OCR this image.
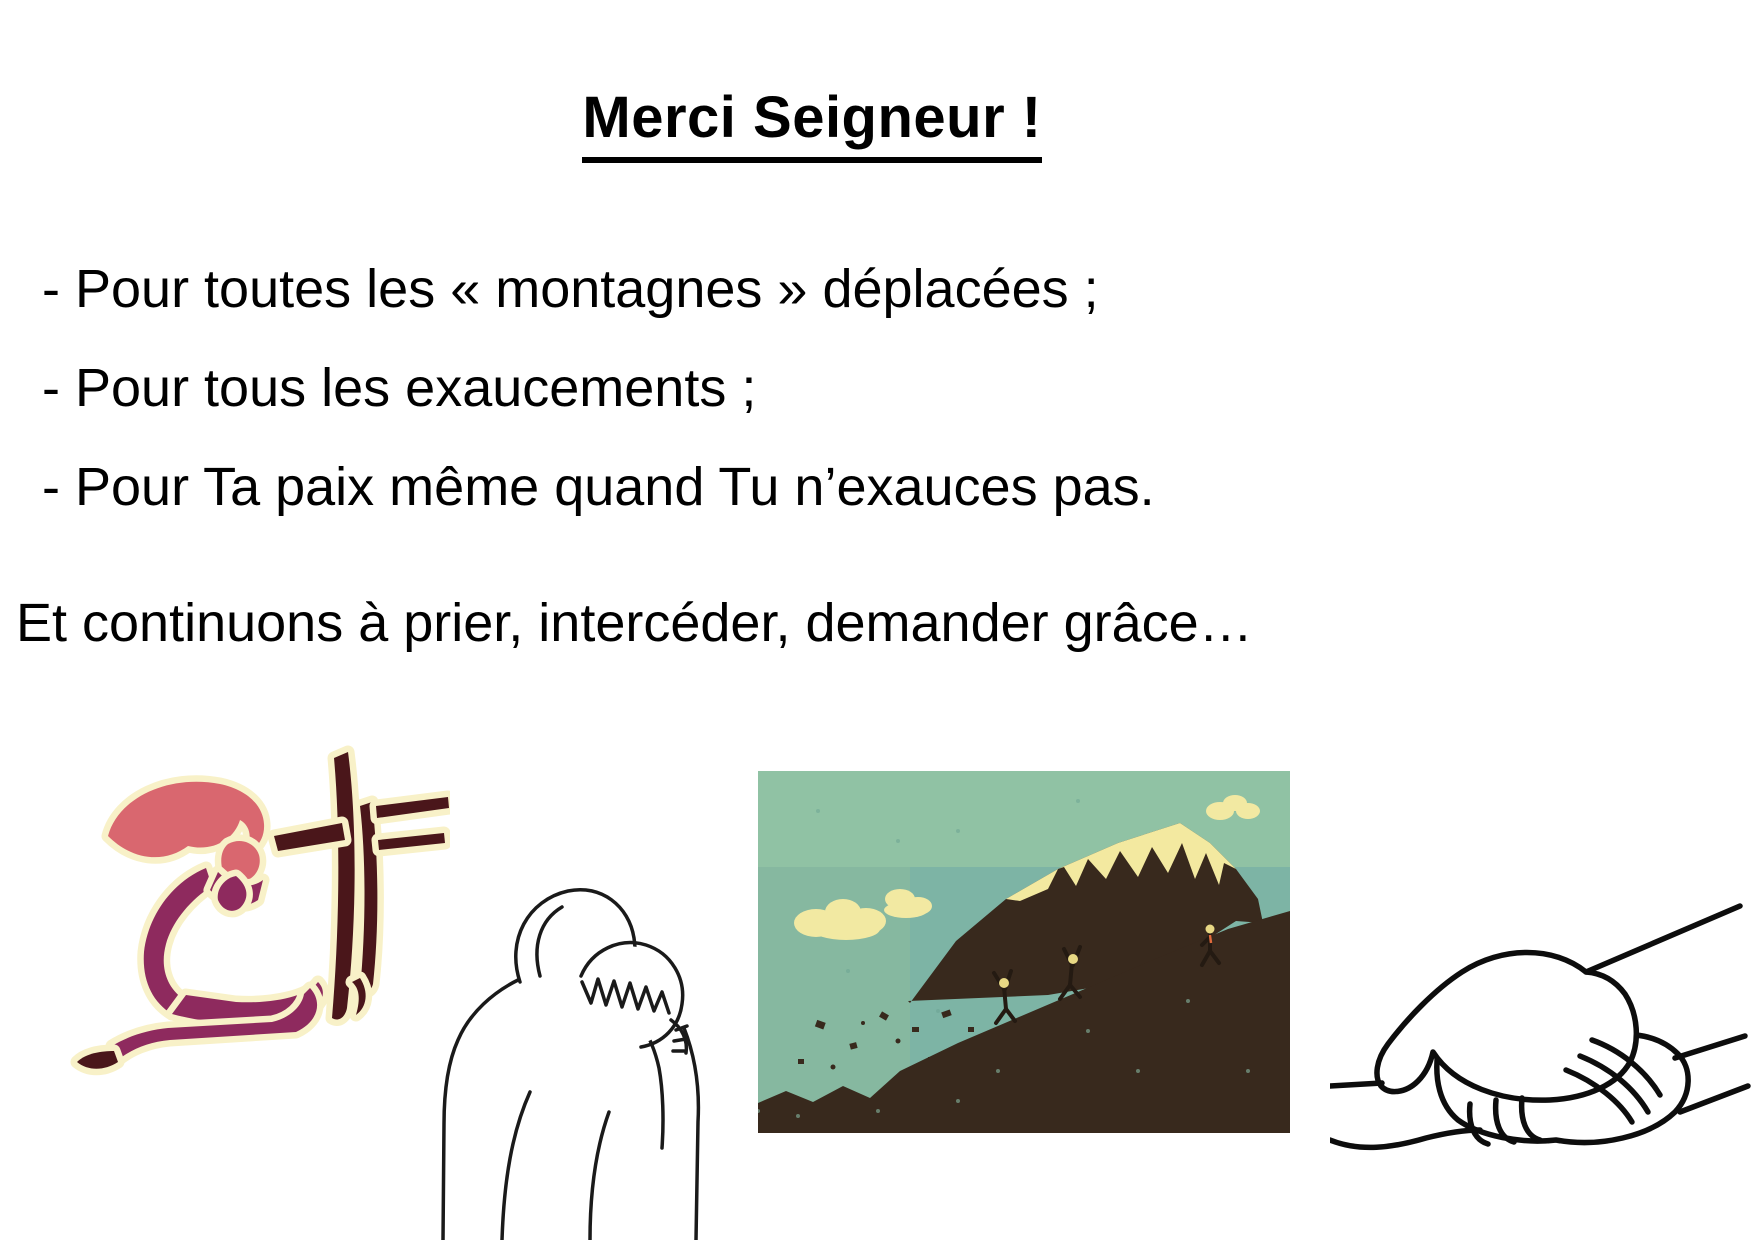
Merci Seigneur !
- Pour toutes les « montagnes » déplacées ;
- Pour tous les exaucements ;
- Pour Ta paix même quand Tu n’exauces pas.
Et continuons à prier, intercéder, demander grâce…
